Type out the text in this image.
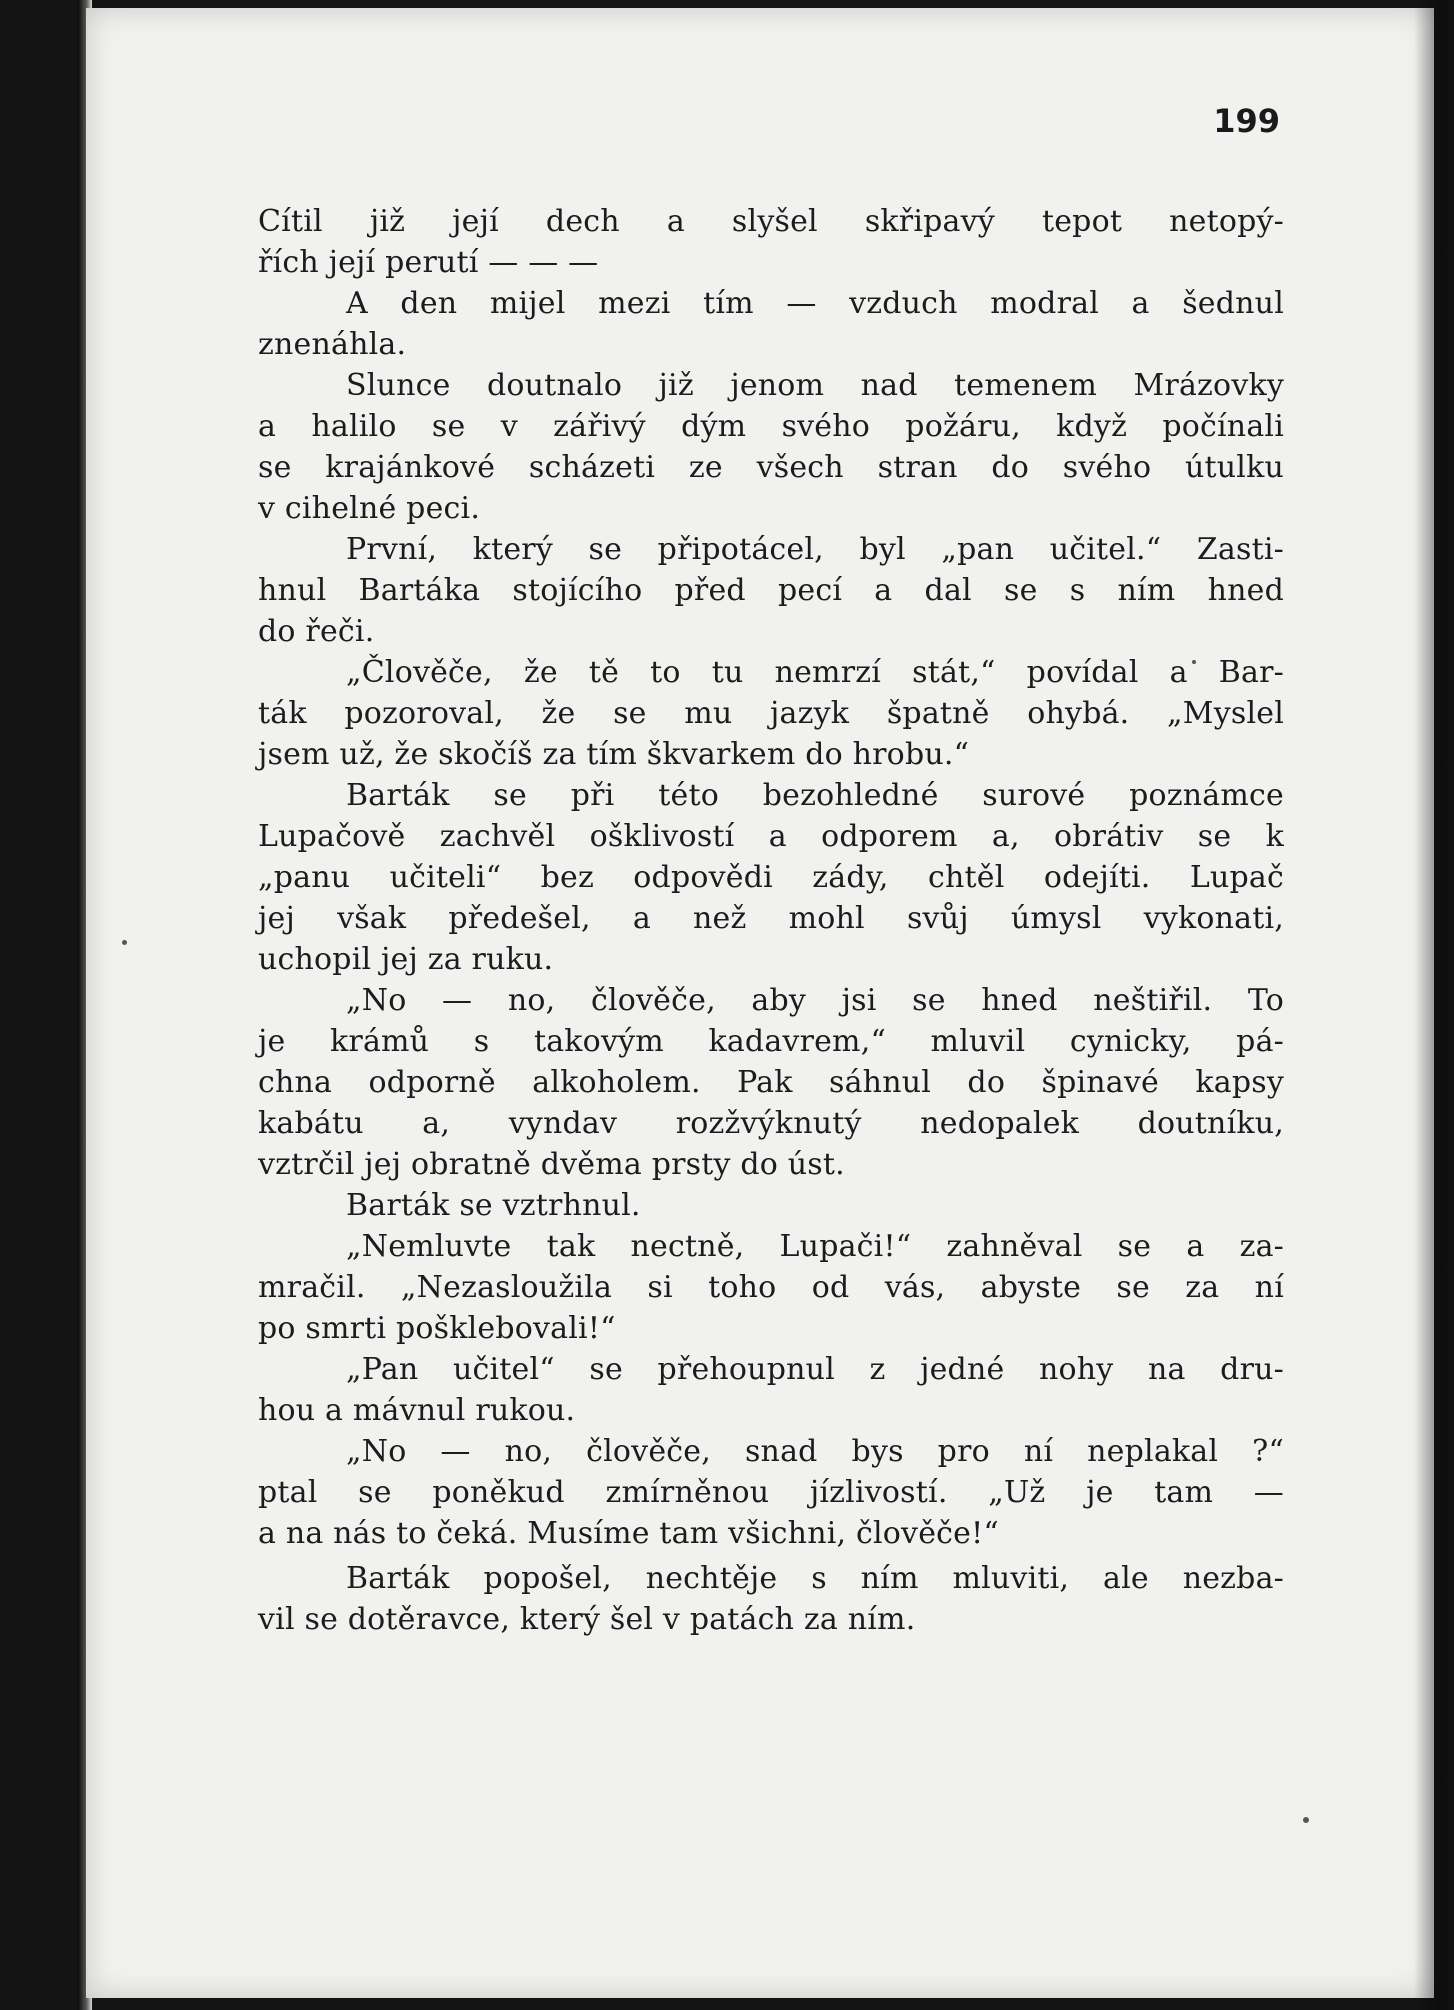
199
Cítil již její dech a slyšel skřipavý tepot netopý-
řích její perutí — — —
A den mijel mezi tím — vzduch modral a šednul
znenáhla.
Slunce doutnalo již jenom nad temenem Mrázovky
a halilo se v zářivý dým svého požáru, když počínali
se krajánkové scházeti ze všech stran do svého útulku
v cihelné peci.
První, který se připotácel, byl „pan učitel.“ Zasti-
hnul Bartáka stojícího před pecí a dal se s ním hned
do řeči.
„Člověče, že tě to tu nemrzí stát,“ povídal a Bar-
ták pozoroval, že se mu jazyk špatně ohybá. „Myslel
jsem už, že skočíš za tím škvarkem do hrobu.“
Barták se při této bezohledné surové poznámce
Lupačově zachvěl ošklivostí a odporem a, obrátiv se k
„panu učiteli“ bez odpovědi zády, chtěl odejíti. Lupač
jej však předešel, a než mohl svůj úmysl vykonati,
uchopil jej za ruku.
„No — no, člověče, aby jsi se hned neštiřil. To
je krámů s takovým kadavrem,“ mluvil cynicky, pá-
chna odporně alkoholem. Pak sáhnul do špinavé kapsy
kabátu a, vyndav rozžvýknutý nedopalek doutníku,
vztrčil jej obratně dvěma prsty do úst.
Barták se vztrhnul.
„Nemluvte tak nectně, Lupači!“ zahněval se a za-
mračil. „Nezasloužila si toho od vás, abyste se za ní
po smrti pošklebovali!“
„Pan učitel“ se přehoupnul z jedné nohy na dru-
hou a mávnul rukou.
„No — no, člověče, snad bys pro ní neplakal ?“
ptal se poněkud zmírněnou jízlivostí. „Už je tam —
a na nás to čeká. Musíme tam všichni, člověče!“
Barták popošel, nechtěje s ním mluviti, ale nezba-
vil se dotěravce, který šel v patách za ním.
